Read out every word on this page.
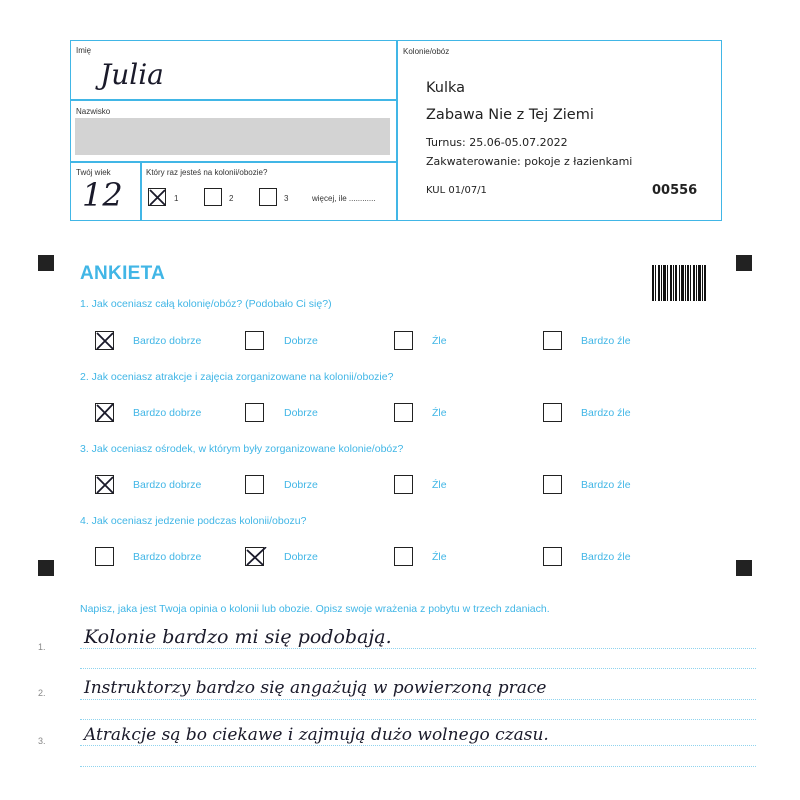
Imię
Julia
Nazwisko
Twój wiek
12
Który raz jesteś na kolonii/obozie?
1	2	3	więcej, ile ............
Kolonie/obóz
Kulka
Zabawa Nie z Tej Ziemi
Turnus: 25.06-05.07.2022
Zakwaterowanie: pokoje z łazienkami
KUL 01/07/1	00556
ANKIETA
1. Jak oceniasz całą kolonię/obóz? (Podobało Ci się?)
Bardzo dobrze	Dobrze	Źle	Bardzo źle
2. Jak oceniasz atrakcje i zajęcia zorganizowane na kolonii/obozie?
Bardzo dobrze	Dobrze	Źle	Bardzo źle
3. Jak oceniasz ośrodek, w którym były zorganizowane kolonie/obóz?
Bardzo dobrze	Dobrze	Źle	Bardzo źle
4. Jak oceniasz jedzenie podczas kolonii/obozu?
Bardzo dobrze	Dobrze	Źle	Bardzo źle
Napisz, jaka jest Twoja opinia o kolonii lub obozie. Opisz swoje wrażenia z pobytu w trzech zdaniach.
1. Kolonie bardzo mi się podobają.
2. Instruktorzy bardzo się angażują w powierzoną prace
3. Atrakcje są bo ciekawe i zajmują dużo wolnego czasu.
